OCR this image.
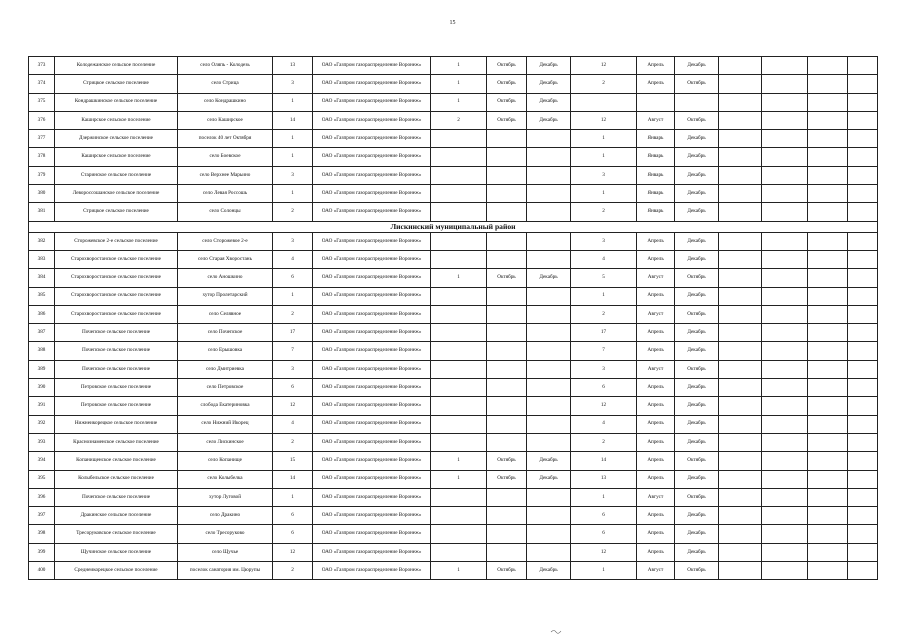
15
373	Колодежанское сельское поселение	село Оляпь - Колодезь	13	ОАО «Газпром газораспределение Воронеж»	1	Октябрь	Декабрь	12	Апрель	Декабрь				
374	Стрицкое сельское поселение	село Стрица	3	ОАО «Газпром газораспределение Воронеж»	1	Октябрь	Декабрь	2	Апрель	Октябрь				
375	Кондрашкинское сельское поселение	село Кондрашкино	1	ОАО «Газпром газораспределение Воронеж»	1	Октябрь	Декабрь							
376	Каширское сельское поселение	село Каширское	14	ОАО «Газпром газораспределение Воронеж»	2	Октябрь	Декабрь	12	Август	Октябрь				
377	Дзержинское сельское поселение	поселок 40 лет Октября	1	ОАО «Газпром газораспределение Воронеж»				1	Январь	Декабрь				
378	Каширское сельское поселение	село Боевское	1	ОАО «Газпром газораспределение Воронеж»				1	Январь	Декабрь				
379	Старинское сельское поселение	село Верхнее Марьино	3	ОАО «Газпром газораспределение Воронеж»				3	Январь	Декабрь				
380	Левороссошанское сельское поселение	село Левая Россошь	1	ОАО «Газпром газораспределение Воронеж»				1	Январь	Декабрь				
381	Стрицкое сельское поселение	село Солонцы	2	ОАО «Газпром газораспределение Воронеж»				2	Январь	Декабрь				
Лискинский муниципальный район														
382	Сторожевское 2-е сельское поселение	село Сторожевое 2-е	3	ОАО «Газпром газораспределение Воронеж»				3	Апрель	Декабрь				
383	Старохворостанское сельское поселение	село Старая Хворостань	4	ОАО «Газпром газораспределение Воронеж»				4	Апрель	Декабрь				
384	Старохворостанское сельское поселение	село Аношкино	6	ОАО «Газпром газораспределение Воронеж»	1	Октябрь	Декабрь	5	Август	Октябрь				
385	Старохворостанское сельское поселение	хутор Пролетарский	1	ОАО «Газпром газораспределение Воронеж»				1	Апрель	Декабрь				
386	Старохворостанское сельское поселение	село Селявное	2	ОАО «Газпром газораспределение Воронеж»				2	Август	Октябрь				
387	Почепское сельское поселение	село Почепское	17	ОАО «Газпром газораспределение Воронеж»				17	Апрель	Декабрь				
388	Почепское сельское поселение	село Ерышовка	7	ОАО «Газпром газораспределение Воронеж»				7	Апрель	Декабрь				
389	Почепское сельское поселение	село Дмитриевка	3	ОАО «Газпром газораспределение Воронеж»				3	Август	Октябрь				
390	Петровское сельское поселение	село Петровское	6	ОАО «Газпром газораспределение Воронеж»				6	Апрель	Декабрь				
391	Петровское сельское поселение	слобода Екатериновка	12	ОАО «Газпром газораспределение Воронеж»				12	Апрель	Декабрь				
392	Нижнеикорецкое сельское поселение	село Нижний Икорец	4	ОАО «Газпром газораспределение Воронеж»				4	Апрель	Декабрь				
393	Краснознаменское сельское поселение	село Лискинское	2	ОАО «Газпром газораспределение Воронеж»				2	Апрель	Декабрь				
394	Копанищенское сельское поселение	село Копанище	15	ОАО «Газпром газораспределение Воронеж»	1	Октябрь	Декабрь	14	Апрель	Октябрь				
395	Колыбельское сельское поселение	село Колыбелка	14	ОАО «Газпром газораспределение Воронеж»	1	Октябрь	Декабрь	13	Апрель	Декабрь				
396	Почепское сельское поселение	хутор Луговой	1	ОАО «Газпром газораспределение Воронеж»				1	Август	Октябрь				
397	Дракинское сельское поселение	село Дракино	6	ОАО «Газпром газораспределение Воронеж»				6	Апрель	Декабрь				
398	Тресоруковское сельское поселение	село Тресоруково	6	ОАО «Газпром газораспределение Воронеж»				6	Апрель	Декабрь				
399	Щучинское сельское поселение	село Щучье	12	ОАО «Газпром газораспределение Воронеж»				12	Апрель	Декабрь				
400	Среднеикорецкое сельское поселение	поселок санатория им. Цюрупы	2	ОАО «Газпром газораспределение Воронеж»	1	Октябрь	Декабрь	1	Август	Октябрь				
